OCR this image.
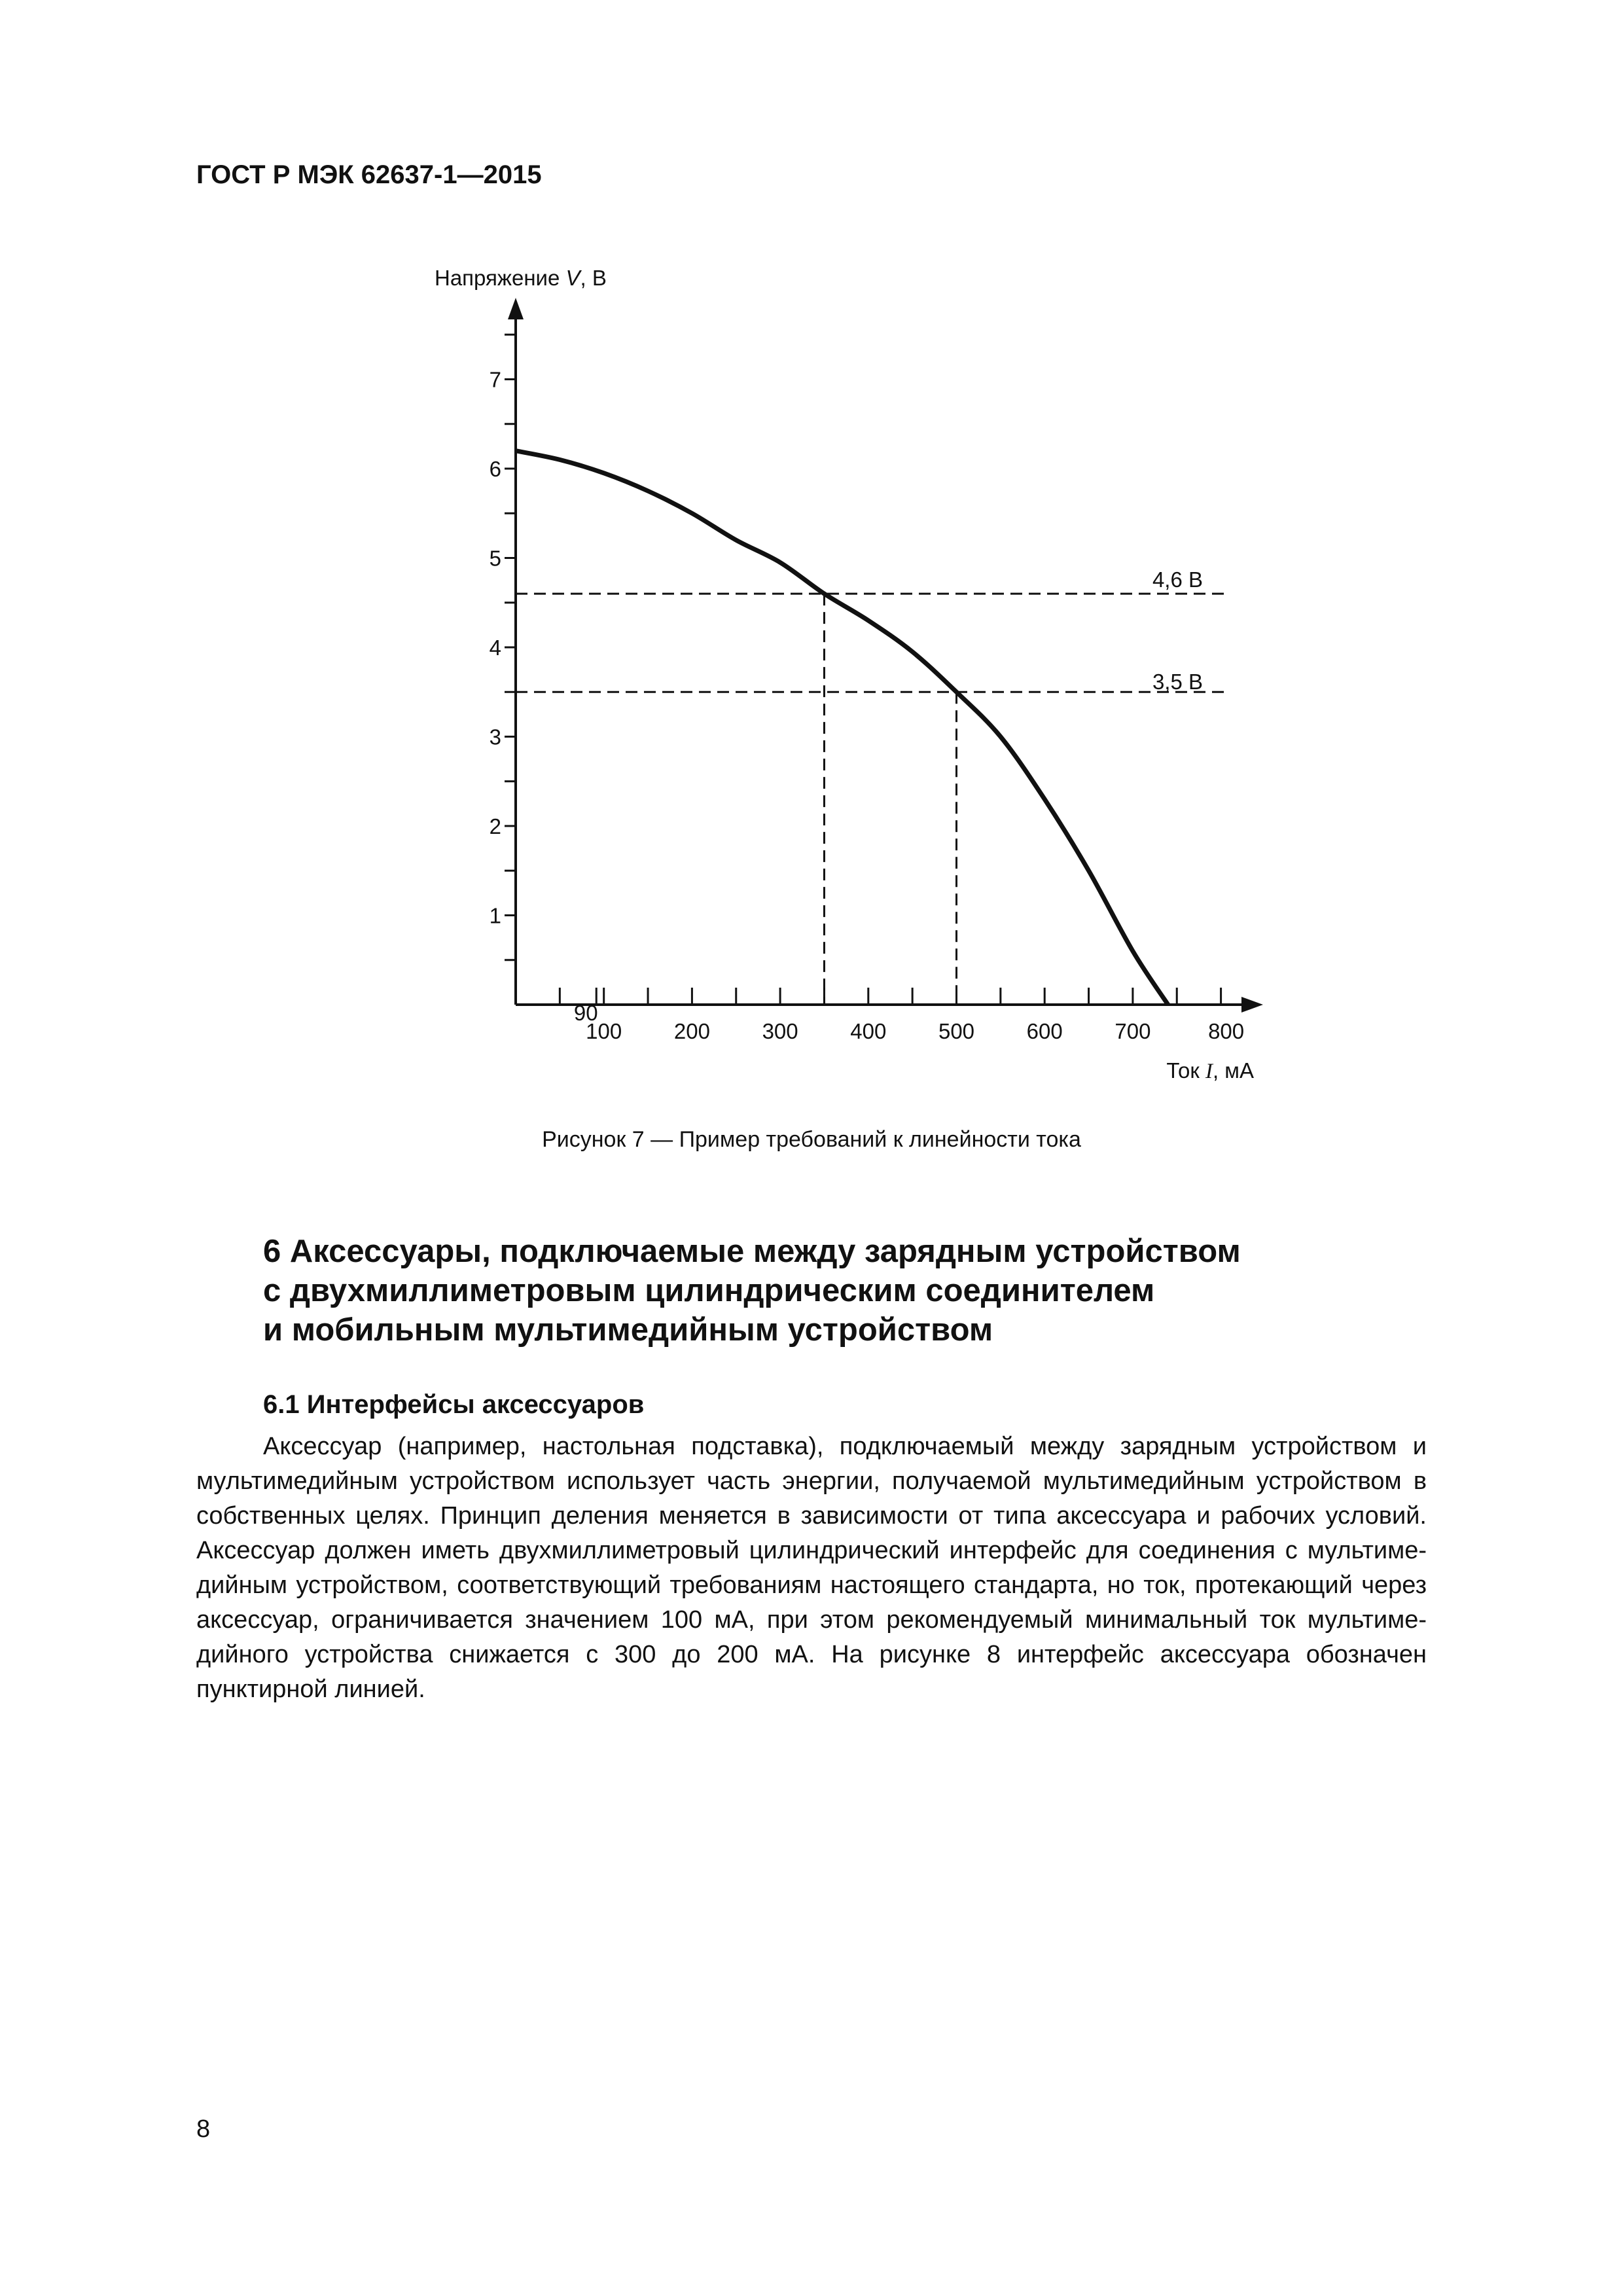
ГОСТ Р МЭК 62637-1—2015
1
2
3
4
5
6
7
90
100 200 300 400 500 600 700	800
Напряжение V, В
Ток I, мА
4,6 В
3,5 В
Рисунок 7 — Пример требований к линейности тока
6 Аксессуары, подключаемые между зарядным устройством
с двухмиллиметровым цилиндрическим соединителем
и мобильным мультимедийным устройством
6.1 Интерфейсы аксессуаров
Аксессуар (например, настольная подставка), подключаемый между зарядным устройством и
мультимедийным устройством использует часть энергии, получаемой мультимедийным устройством в
собственных целях. Принцип деления меняется в зависимости от типа аксессуара и рабочих условий.
Аксессуар должен иметь двухмиллиметровый цилиндрический интерфейс для соединения с мультиме-
дийным устройством, соответствующий требованиям настоящего стандарта, но ток, протекающий через
аксессуар, ограничивается значением 100 мА, при этом рекомендуемый минимальный ток мультиме-
дийного устройства снижается с 300 до 200 мА. На рисунке 8 интерфейс аксессуара обозначен
пунктирной линией.
8
